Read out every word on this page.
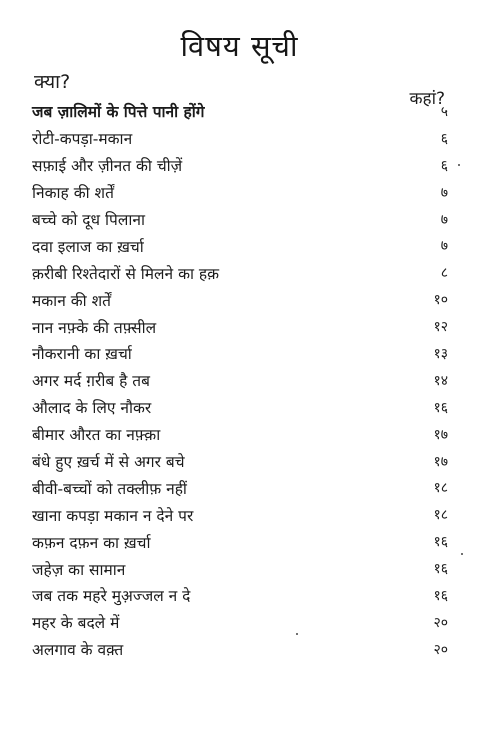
विषय सूची
क्या?
कहां?
जब ज़ालिमों के पित्ते पानी होंगे	५
रोटी-कपड़ा-मकान	६
सफ़ाई और ज़ीनत की चीज़ें	६
निकाह की शर्तें	७
बच्चे को दूध पिलाना	७
दवा इलाज का ख़र्चा	७
क़रीबी रिश्तेदारों से मिलने का हक़	८
मकान की शर्तें	१०
नान नफ़्के की तफ़्सील	१२
नौकरानी का ख़र्चा	१३
अगर मर्द ग़रीब है तब	१४
औलाद के लिए नौकर	१६
बीमार औरत का नफ़्क़ा	१७
बंधे हुए ख़र्च में से अगर बचे	१७
बीवी-बच्चों को तक्लीफ़ नहीं	१८
खाना कपड़ा मकान न देने पर	१८
कफ़न दफ़न का ख़र्चा	१६
जहेज़ का सामान	१६
जब तक महरे मुअ़ज्जल न दे	१६
महर के बदले में	२०
अलगाव के वक़्त	२०
